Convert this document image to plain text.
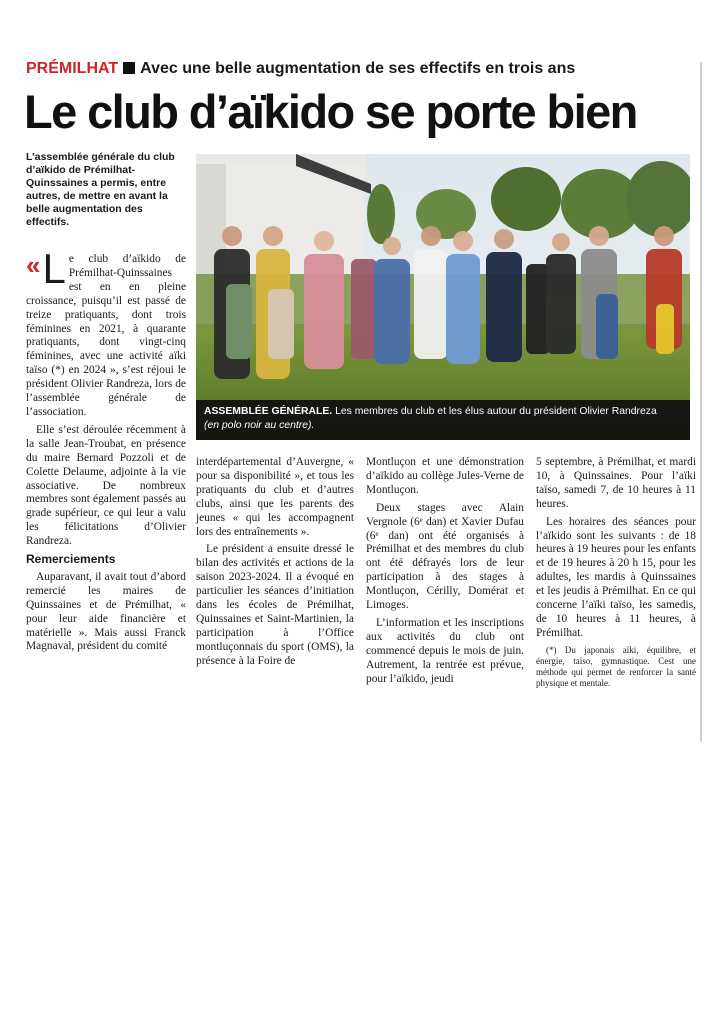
PRÉMILHAT Avec une belle augmentation de ses effectifs en trois ans
Le club d’aïkido se porte bien
L’assemblée générale du club d’aïkido de Prémilhat-Quinssaines a permis, entre autres, de mettre en avant la belle augmentation des effectifs.

« L e club d’aïkido de Prémilhat-Quinssaines est en en pleine croissance, puisqu’il est passé de treize pratiquants, dont trois féminines en 2021, à quarante pratiquants, dont vingt-cinq féminines, avec une activité aïki taïso (*) en 2024 », s’est réjoui le président Olivier Randreza, lors de l’assemblée générale de l’association.

Elle s’est déroulée récemment à la salle Jean-Troubat, en présence du maire Bernard Pozzoli et de Colette Delaume, adjointe à la vie associative. De nombreux membres sont également passés au grade supérieur, ce qui leur a valu les félicitations d’Olivier Randreza.

Remerciements

Auparavant, il avait tout d’abord remercié les maires de Quinssaines et de Prémilhat, « pour leur aide financière et matérielle ». Mais aussi Franck Magnaval, président du comité

ASSEMBLÉE GÉNÉRALE. Les membres du club et les élus autour du président Olivier Randreza
(en polo noir au centre).

interdépartemental d’Auvergne, « pour sa disponibilité », et tous les pratiquants du club et d’autres clubs, ainsi que les parents des jeunes « qui les accompagnent lors des entraînements ».

Le président a ensuite dressé le bilan des activités et actions de la saison 2023-2024. Il a évoqué en particulier les séances d’initiation dans les écoles de Prémilhat, Quinssaines et Saint-Martinien, la participation à l’Office montluçonnais du sport (OMS), la présence à la Foire de

Montluçon et une démonstration d’aïkido au collège Jules-Verne de Montluçon.

Deux stages avec Alain Vergnole (6ᵉ dan) et Xavier Dufau (6ᵉ dan) ont été organisés à Prémilhat et des membres du club ont été défrayés lors de leur participation à des stages à Montluçon, Cérilly, Domérat et Limoges.

L’information et les inscriptions aux activités du club ont commencé depuis le mois de juin. Autrement, la rentrée est prévue, pour l’aïkido, jeudi

5 septembre, à Prémilhat, et mardi 10, à Quinssaines. Pour l’aïki taïso, samedi 7, de 10 heures à 11 heures.

Les horaires des séances pour l’aïkido sont les suivants : de 18 heures à 19 heures pour les enfants et de 19 heures à 20 h 15, pour les adultes, les mardis à Quinssaines et les jeudis à Prémilhat. En ce qui concerne l’aïki taïso, les samedis, de 10 heures à 11 heures, à Prémilhat.

(*) Du japonais aïki, équilibre, et énergie, taïso, gymnastique. Cest une méthode qui permet de renforcer la santé physique et mentale.
